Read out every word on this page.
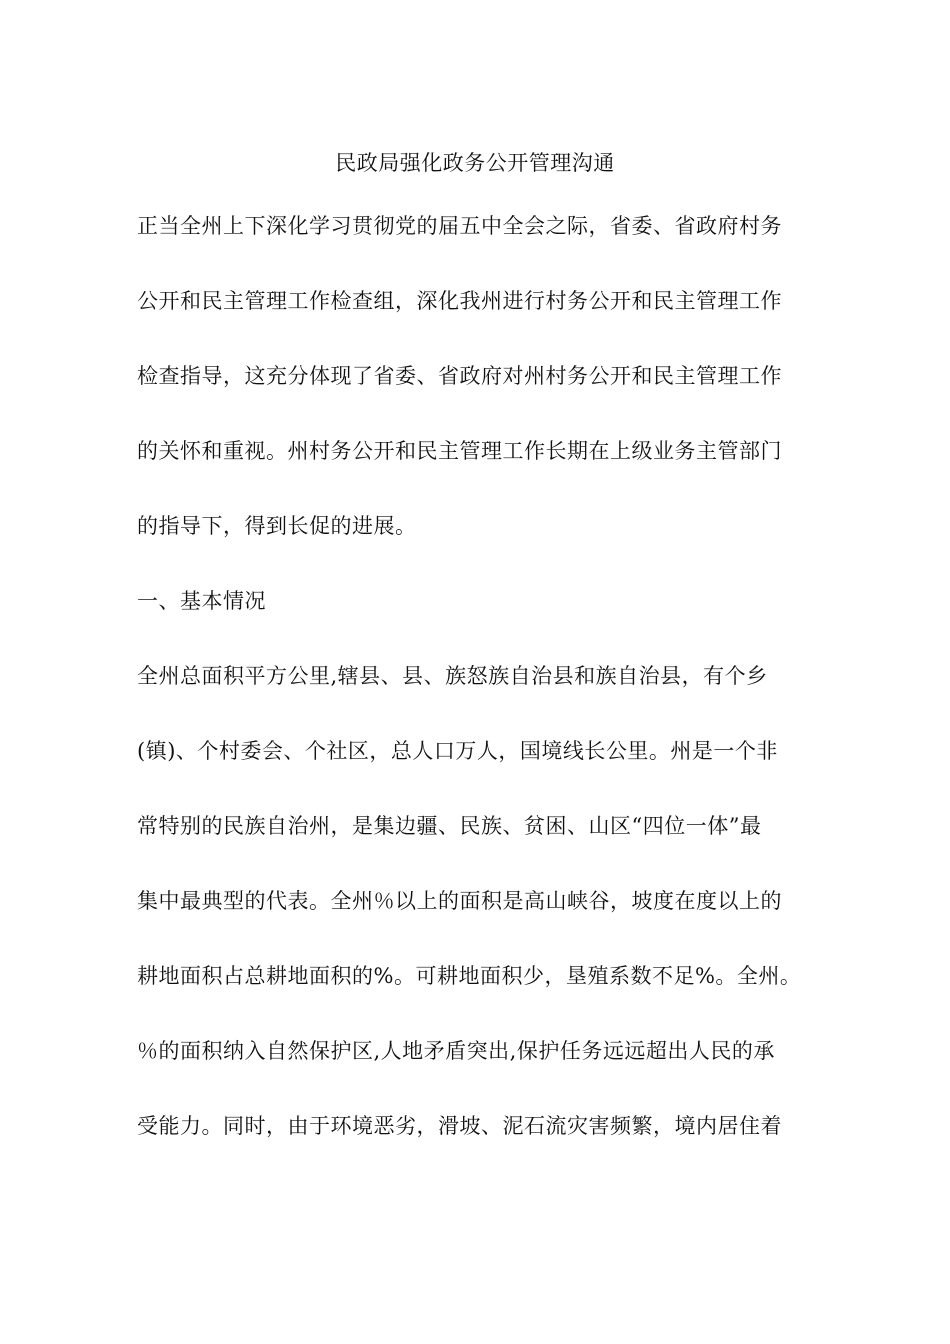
民政局强化政务公开管理沟通
正当全州上下深化学习贯彻党的届五中全会之际，省委、省政府村务
公开和民主管理工作检查组，深化我州进行村务公开和民主管理工作
检查指导，这充分体现了省委、省政府对州村务公开和民主管理工作
的关怀和重视。州村务公开和民主管理工作长期在上级业务主管部门
的指导下，得到长促的进展。
一、基本情况
全州总面积平方公里,辖县、县、族怒族自治县和族自治县，有个乡
(镇)、个村委会、个社区，总人口万人，国境线长公里。州是一个非
常特别的民族自治州，是集边疆、民族、贫困、山区“四位一体”最
集中最典型的代表。全州％以上的面积是高山峡谷，坡度在度以上的
耕地面积占总耕地面积的%。可耕地面积少，垦殖系数不足%。全州。
％的面积纳入自然保护区,人地矛盾突出,保护任务远远超出人民的承
受能力。同时，由于环境恶劣，滑坡、泥石流灾害频繁，境内居住着
